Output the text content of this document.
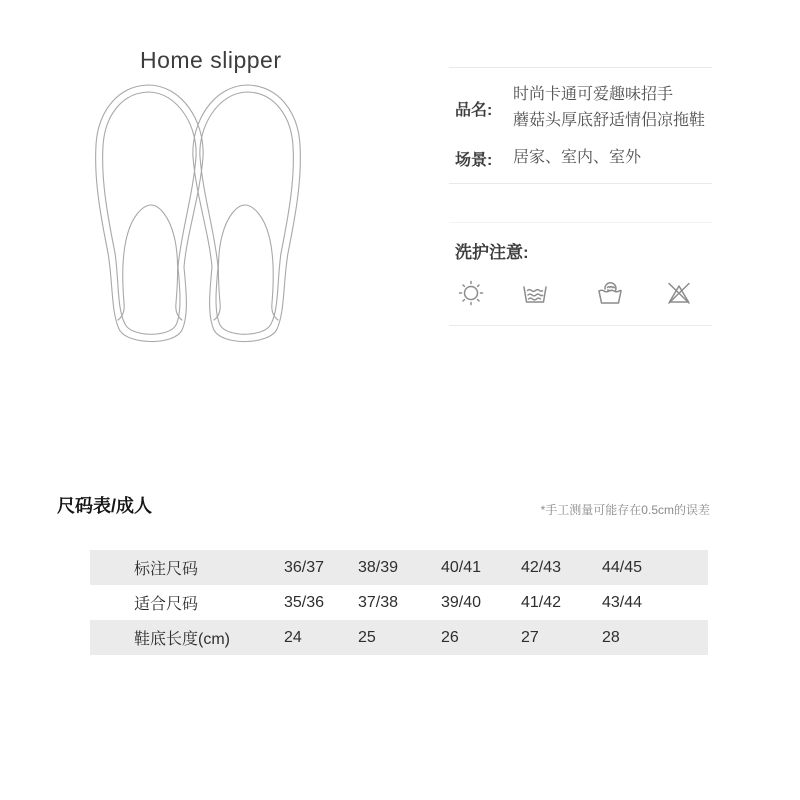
Home slipper
品名:
时尚卡通可爱趣味招手
蘑菇头厚底舒适情侣凉拖鞋
场景:	居家、室内、室外
洗护注意:
尺码表/成人	*手工测量可能存在0.5cm的误差
标注尺码	36/37	38/39	40/41	42/43	44/45
适合尺码	35/36	37/38	39/40	41/42	43/44
鞋底长度(cm)	24	25	26	27	28
